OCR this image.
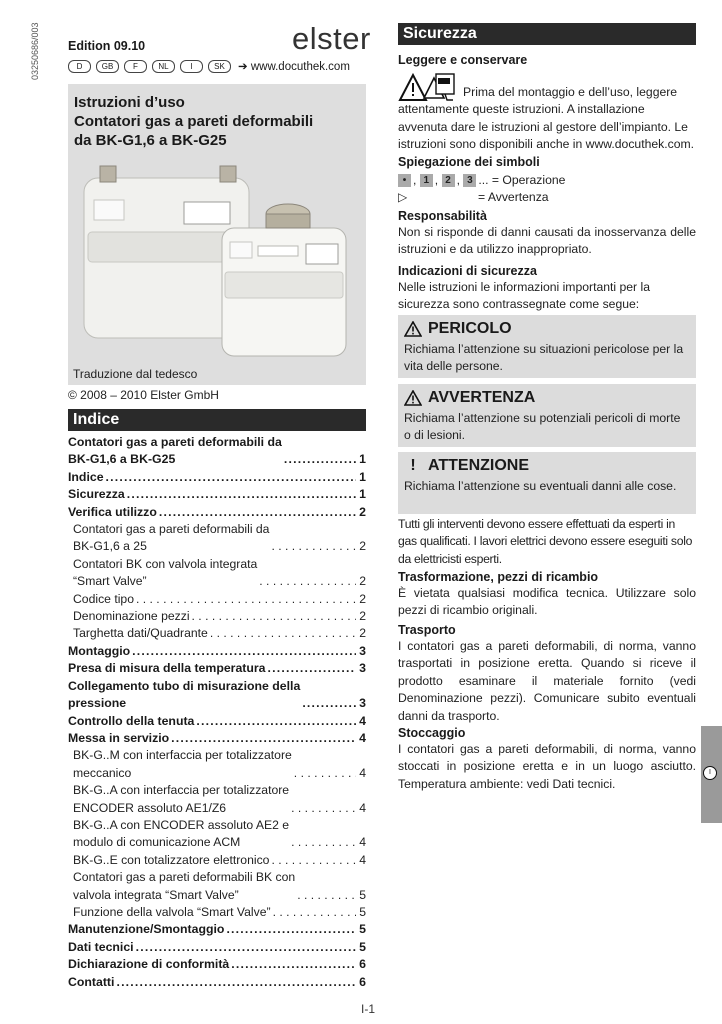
03250686/003 Edition 09.10	elster
D	GB	F	NL	I	SK	➔ www.docuthek.com
Istruzioni d’uso
Contatori gas a pareti deformabili
da BK-G1,6 a BK-G25
Traduzione dal tedesco
© 2008 – 2010 Elster GmbH
Indice
Contatori gas a pareti deformabili da
BK-G1,6 a BK-G25 .....	1
Indice .....	1
Sicurezza .....	1
Verifica utilizzo .....	2
Contatori gas a pareti deformabili da
BK-G1,6 a 25 . . .	2
Contatori BK con valvola integrata
“Smart Valve” . . .	2
Codice tipo . . .	2
Denominazione pezzi . . .	2
Targhetta dati/Quadrante . . .	2
Montaggio .....	3
Presa di misura della temperatura .....	3
Collegamento tubo di misurazione della
pressione .....	3
Controllo della tenuta .....	4
Messa in servizio .....	4
BK-G..M con interfaccia per totalizzatore
meccanico . . .	4
BK-G..A con interfaccia per totalizzatore
ENCODER assoluto AE1/Z6 . . .	4
BK-G..A con ENCODER assoluto AE2 e
modulo di comunicazione ACM . . .	4
BK-G..E con totalizzatore elettronico . . .	4
Contatori gas a pareti deformabili BK con
valvola integrata “Smart Valve” . . .	5
Funzione della valvola “Smart Valve” . . .	5
Manutenzione/Smontaggio .....	5
Dati tecnici .....	5
Dichiarazione di conformità .....	6
Contatti .....	6
Sicurezza
Leggere e conservare
Prima del montaggio e dell’uso, leggere attentamente queste istruzioni. A installazione avvenuta dare le istruzioni al gestore dell’impianto. Le istruzioni sono disponibili anche in www.docuthek.com.
Spiegazione dei simboli
• , 1 , 2 , 3 ... = Operazione
▷	= Avvertenza
Responsabilità
Non si risponde di danni causati da inosservanza delle istruzioni e da utilizzo inappropriato.
Indicazioni di sicurezza
Nelle istruzioni le informazioni importanti per la sicurezza sono contrassegnate come segue:
PERICOLO
Richiama l’attenzione su situazioni pericolose per la vita delle persone.
AVVERTENZA
Richiama l’attenzione su potenziali pericoli di morte o di lesioni.
! ATTENZIONE
Richiama l’attenzione su eventuali danni alle cose.
Tutti gli interventi devono essere effettuati da esperti in gas qualificati. I lavori elettrici devono essere eseguiti solo da elettricisti esperti.
Trasformazione, pezzi di ricambio
È vietata qualsiasi modifica tecnica. Utilizzare solo pezzi di ricambio originali.
Trasporto
I contatori gas a pareti deformabili, di norma, vanno trasportati in posizione eretta. Quando si riceve il prodotto esaminare il materiale fornito (vedi Denominazione pezzi). Comunicare subito eventuali danni da trasporto.
Stoccaggio
I contatori gas a pareti deformabili, di norma, vanno stoccati in posizione eretta e in un luogo asciutto. Temperatura ambiente: vedi Dati tecnici.
I
I-1
